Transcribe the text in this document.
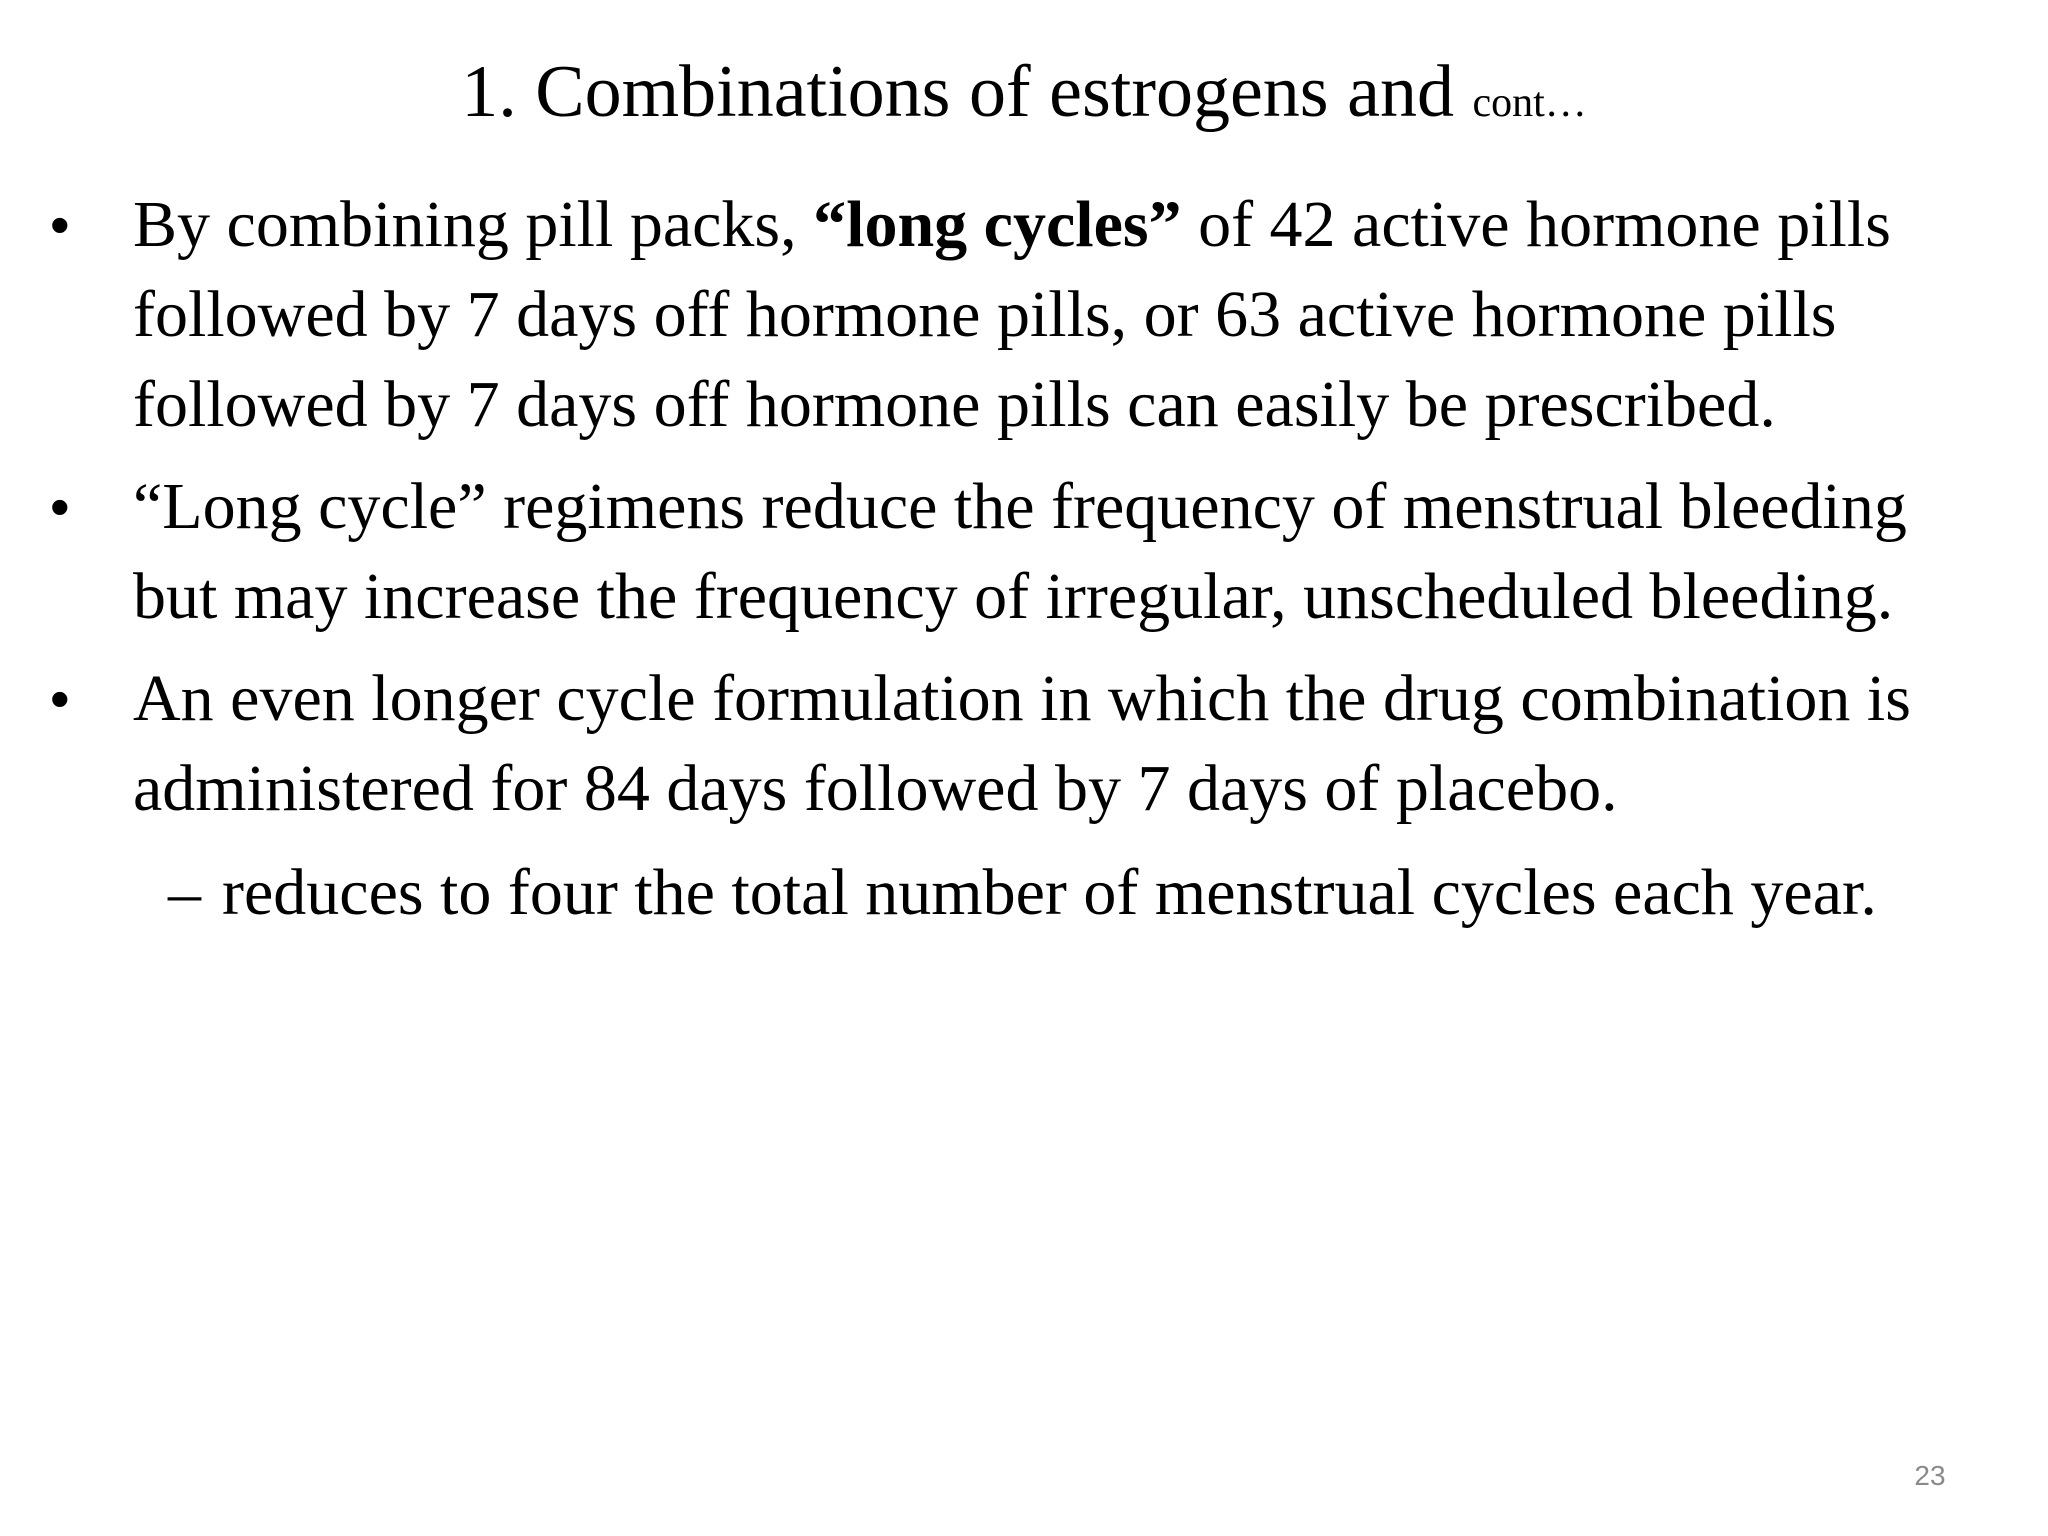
1. Combinations of estrogens and cont…
• By combining pill packs, “long cycles” of 42 active hormone pills followed by 7 days off hormone pills, or 63 active hormone pills followed by 7 days off hormone pills can easily be prescribed.
• “Long cycle” regimens reduce the frequency of menstrual bleeding but may increase the frequency of irregular, unscheduled bleeding.
• An even longer cycle formulation in which the drug combination is administered for 84 days followed by 7 days of placebo.
– reduces to four the total number of menstrual cycles each year.
23
